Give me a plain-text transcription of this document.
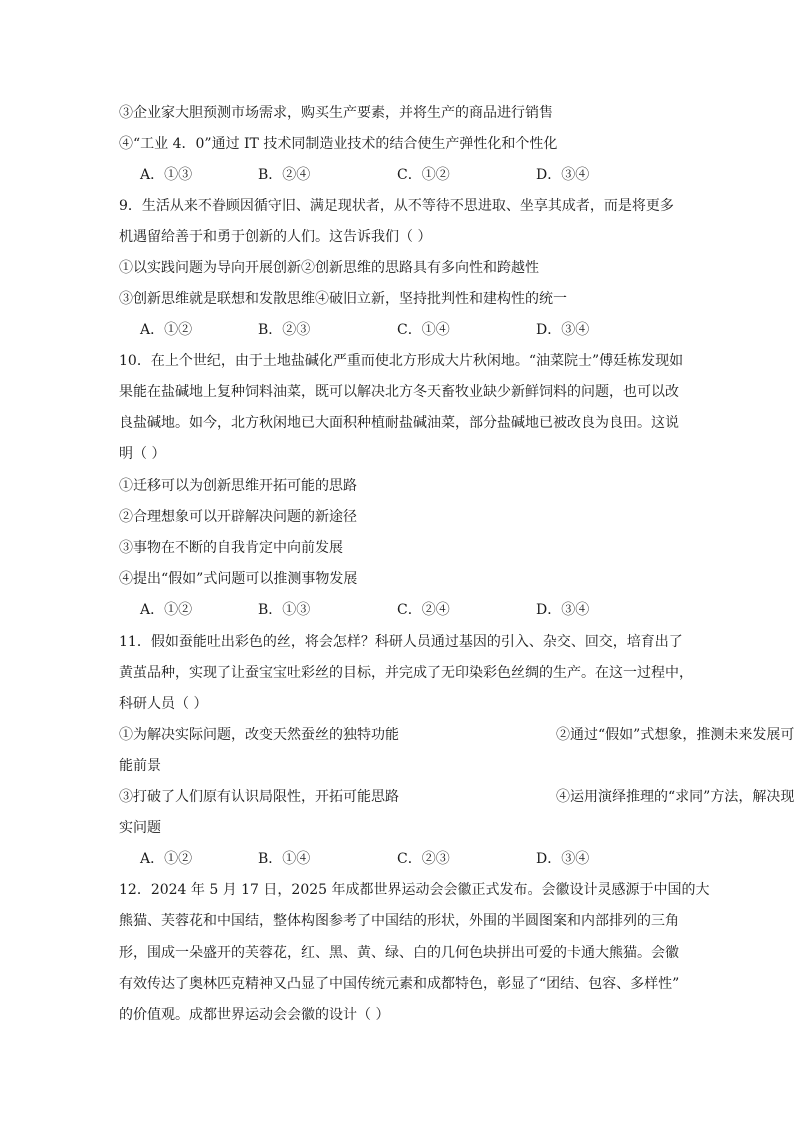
③企业家大胆预测市场需求，购买生产要素，并将生产的商品进行销售
④“工业 4．0”通过 IT 技术同制造业技术的结合使生产弹性化和个性化
A．①③	B．②④	C．①②	D．③④
9．生活从来不眷顾因循守旧、满足现状者，从不等待不思进取、坐享其成者，而是将更多
机遇留给善于和勇于创新的人们。这告诉我们（ ）
①以实践问题为导向开展创新②创新思维的思路具有多向性和跨越性
③创新思维就是联想和发散思维④破旧立新，坚持批判性和建构性的统一
A．①②	B．②③	C．①④	D．③④
10．在上个世纪，由于土地盐碱化严重而使北方形成大片秋闲地。“油菜院士”傅廷栋发现如
果能在盐碱地上复种饲料油菜，既可以解决北方冬天畜牧业缺少新鲜饲料的问题，也可以改
良盐碱地。如今，北方秋闲地已大面积种植耐盐碱油菜，部分盐碱地已被改良为良田。这说
明（ ）
①迁移可以为创新思维开拓可能的思路
②合理想象可以开辟解决问题的新途径
③事物在不断的自我肯定中向前发展
④提出“假如”式问题可以推测事物发展
A．①②	B．①③	C．②④	D．③④
11．假如蚕能吐出彩色的丝，将会怎样？科研人员通过基因的引入、杂交、回交，培育出了
黄茧品种，实现了让蚕宝宝吐彩丝的目标，并完成了无印染彩色丝绸的生产。在这一过程中，
科研人员（ ）
①为解决实际问题，改变天然蚕丝的独特功能	②通过“假如”式想象，推测未来发展可
能前景
③打破了人们原有认识局限性，开拓可能思路	④运用演绎推理的“求同”方法，解决现
实问题
A．①②	B．①④	C．②③	D．③④
12．2024 年 5 月 17 日，2025 年成都世界运动会会徽正式发布。会徽设计灵感源于中国的大
熊猫、芙蓉花和中国结，整体构图参考了中国结的形状，外围的半圆图案和内部排列的三角
形，围成一朵盛开的芙蓉花，红、黑、黄、绿、白的几何色块拼出可爱的卡通大熊猫。会徽
有效传达了奥林匹克精神又凸显了中国传统元素和成都特色，彰显了“团结、包容、多样性”
的价值观。成都世界运动会会徽的设计（ ）
